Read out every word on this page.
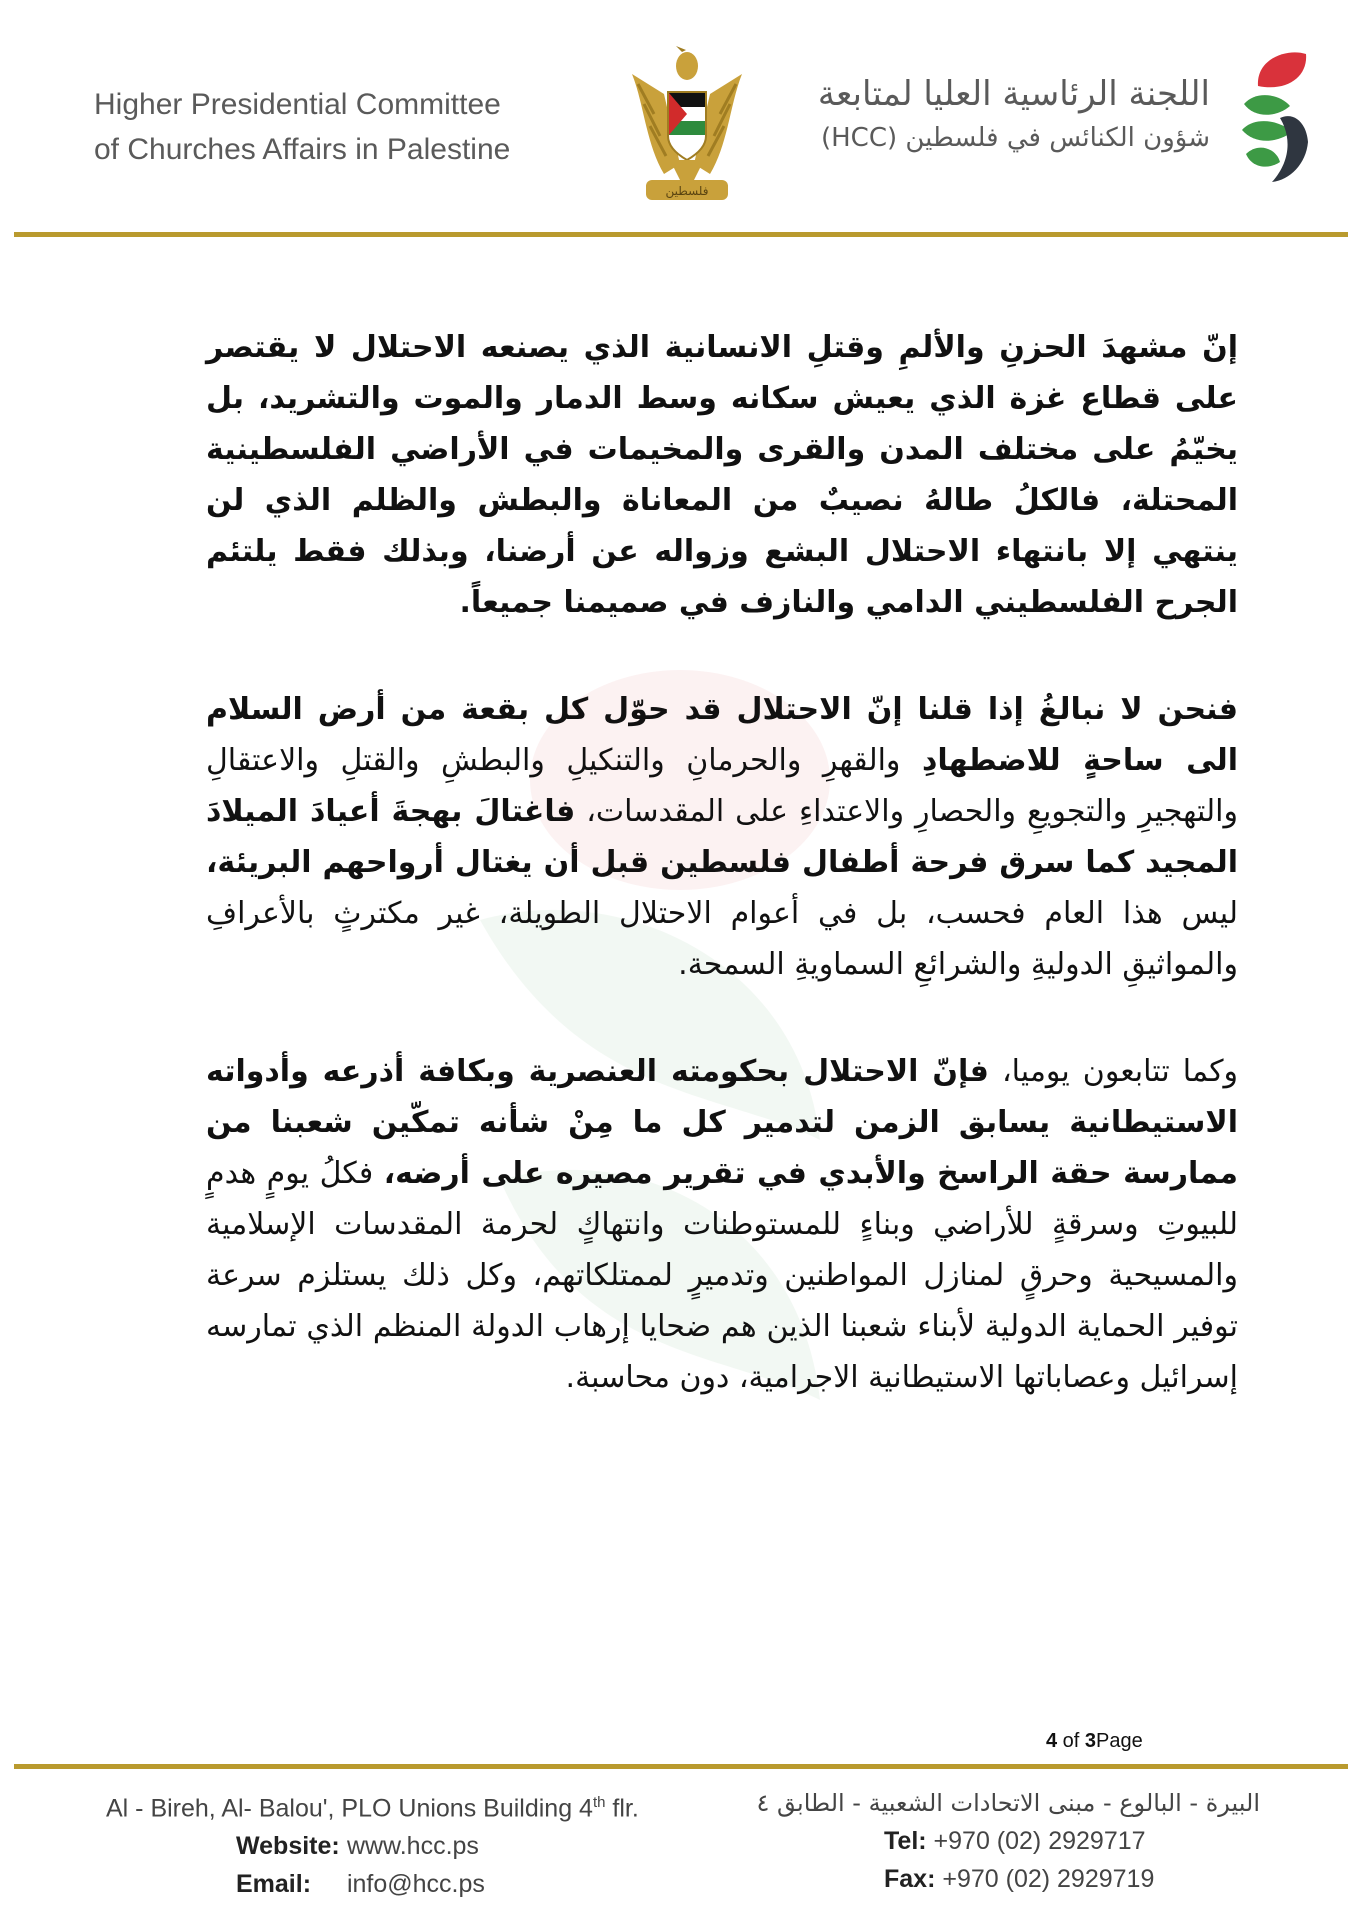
Higher Presidential Committee
of Churches Affairs in Palestine
فلسطين
اللجنة الرئاسية العليا لمتابعة
شؤون الكنائس في فلسطين (HCC)

إنّ مشهدَ الحزنِ والألمِ وقتلِ الانسانية الذي يصنعه الاحتلال لا يقتصر على قطاع غزة الذي يعيش سكانه وسط الدمار والموت والتشريد، بل يخيّمُ على مختلف المدن والقرى والمخيمات في الأراضي الفلسطينية المحتلة، فالكلُ طالهُ نصيبٌ من المعاناة والبطش والظلم الذي لن ينتهي إلا بانتهاء الاحتلال البشع وزواله عن أرضنا، وبذلك فقط يلتئم الجرح الفلسطيني الدامي والنازف في صميمنا جميعاً.

فنحن لا نبالغُ إذا قلنا إنّ الاحتلال قد حوّل كل بقعة من أرض السلام الى ساحةٍ للاضطهادِ والقهرِ والحرمانِ والتنكيلِ والبطشِ والقتلِ والاعتقالِ والتهجيرِ والتجويعِ والحصارِ والاعتداءِ على المقدسات، فاغتالَ بهجةَ أعيادَ الميلادَ المجيد كما سرق فرحة أطفال فلسطين قبل أن يغتال أرواحهم البريئة، ليس هذا العام فحسب، بل في أعوام الاحتلال الطويلة، غير مكترثٍ بالأعرافِ والمواثيقِ الدوليةِ والشرائعِ السماويةِ السمحة.

وكما تتابعون يوميا، فإنّ الاحتلال بحكومته العنصرية وبكافة أذرعه وأدواته الاستيطانية يسابق الزمن لتدمير كل ما مِنْ شأنه تمكّين شعبنا من ممارسة حقة الراسخ والأبدي في تقرير مصيره على أرضه، فكلُ يومٍ هدمٍ للبيوتِ وسرقةٍ للأراضي وبناءٍ للمستوطنات وانتهاكٍ لحرمة المقدسات الإسلامية والمسيحية وحرقٍ لمنازل المواطنين وتدميرٍ لممتلكاتهم، وكل ذلك يستلزم سرعة توفير الحماية الدولية لأبناء شعبنا الذين هم ضحايا إرهاب الدولة المنظم الذي تمارسه إسرائيل وعصاباتها الاستيطانية الاجرامية، دون محاسبة.

4 of 3Page
Al - Bireh, Al- Balou', PLO Unions Building 4th flr.
Website: www.hcc.ps
Email: info@hcc.ps
البيرة - البالوع - مبنى الاتحادات الشعبية - الطابق ٤
Tel: +970 (02) 2929717
Fax: +970 (02) 2929719
